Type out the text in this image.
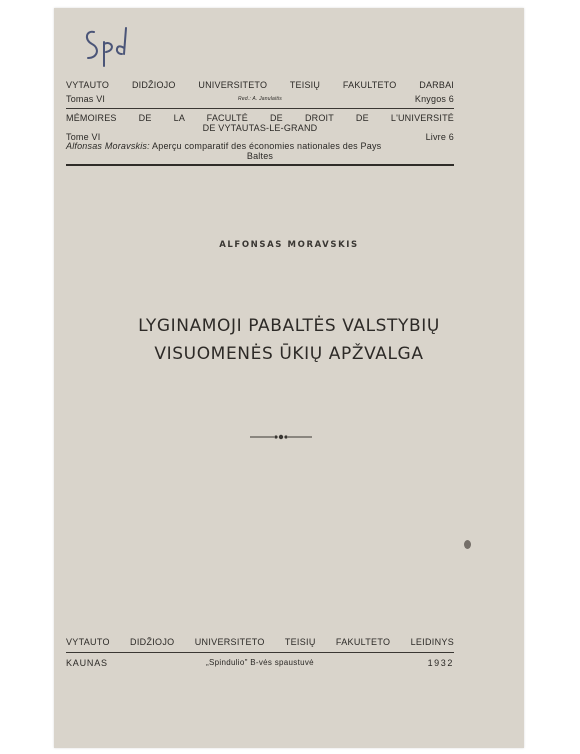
VYTAUTO DIDŽIOJO UNIVERSITETO TEISIŲ FAKULTETO DARBAI
Tomas VI	Red.: A. Janulaitis	Knygos 6
MÉMOIRES DE LA FACULTÉ DE DROIT DE L'UNIVERSITÉ
DE VYTAUTAS-LE-GRAND
Tome VI	Livre 6
Alfonsas Moravskis: Aperçu comparatif des économies nationales des Pays
Baltes
ALFONSAS MORAVSKIS
LYGINAMOJI PABALTĖS VALSTYBIŲ
VISUOMENĖS ŪKIŲ APŽVALGA
VYTAUTO DIDŽIOJO UNIVERSITETO TEISIŲ FAKULTETO LEIDINYS
KAUNAS	„Spindulio" B-vės spaustuvė	1932
